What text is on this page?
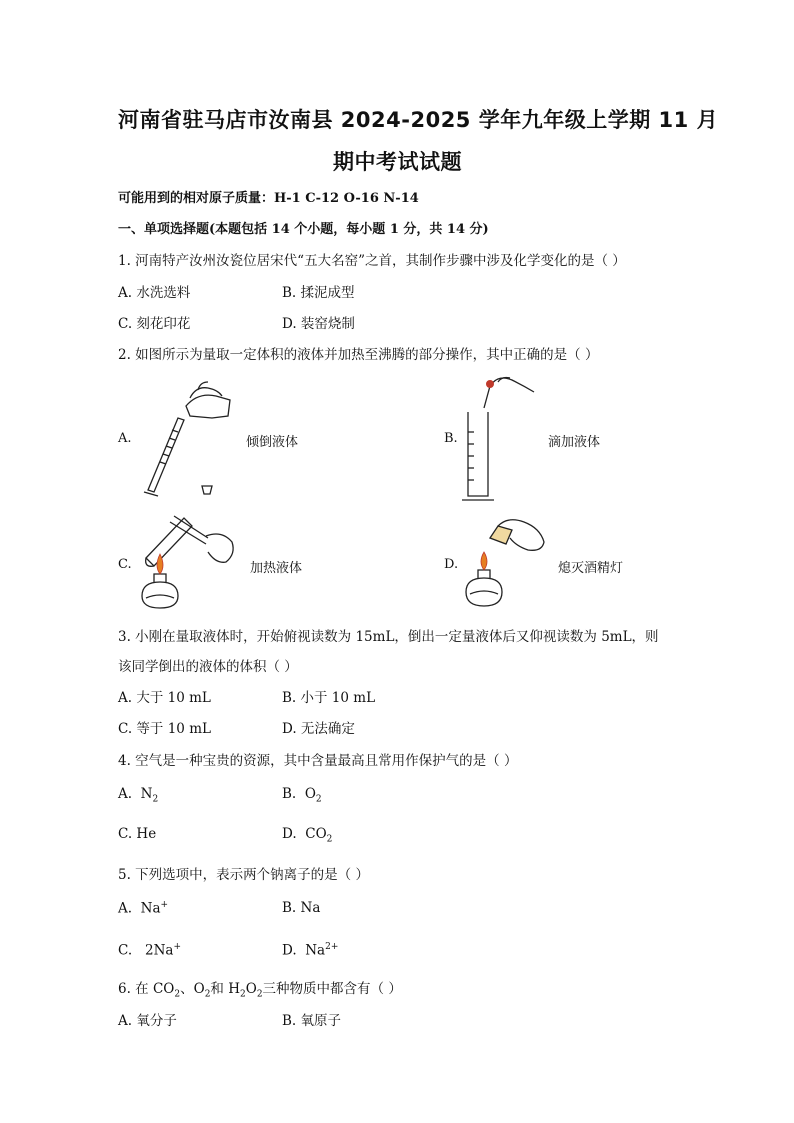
河南省驻马店市汝南县 2024-2025 学年九年级上学期 11 月
期中考试试题
可能用到的相对原子质量：H-1 C-12 O-16 N-14
一、单项选择题(本题包括 14 个小题，每小题 1 分，共 14 分)
1. 河南特产汝州汝瓷位居宋代“五大名窑”之首，其制作步骤中涉及化学变化的是（ ）
A. 水洗选料	B. 揉泥成型
C. 刻花印花	D. 装窑烧制
2. 如图所示为量取一定体积的液体并加热至沸腾的部分操作，其中正确的是（ ）
A.	倾倒液体	B.	滴加液体
C.	加热液体	D.	熄灭酒精灯
3. 小刚在量取液体时，开始俯视读数为 15mL，倒出一定量液体后又仰视读数为 5mL，则
该同学倒出的液体的体积（ ）
A. 大于 10 mL	B. 小于 10 mL
C. 等于 10 mL	D. 无法确定
4. 空气是一种宝贵的资源，其中含量最高且常用作保护气的是（ ）
A. $N_2$	B. $O_2$
C. He	D. $CO_2$
5. 下列选项中，表示两个钠离子的是（ ）
A. Na+	B. Na
C. 2Na+	D. $Na^{2+}$
6. 在 $CO_2$、$O_2$和 $H_2O_2$三种物质中都含有（ ）
A. 氧分子	B. 氧原子
